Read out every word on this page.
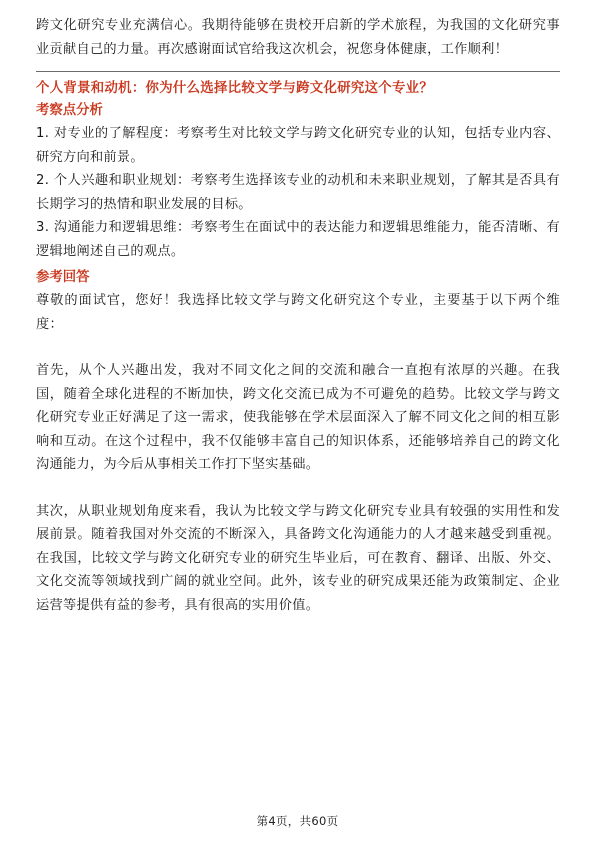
跨文化研究专业充满信心。我期待能够在贵校开启新的学术旅程，为我国的文化研究事业贡献自己的力量。再次感谢面试官给我这次机会，祝您身体健康，工作顺利！

个人背景和动机：你为什么选择比较文学与跨文化研究这个专业？

考察点分析

1. 对专业的了解程度：考察考生对比较文学与跨文化研究专业的认知，包括专业内容、研究方向和前景。

2. 个人兴趣和职业规划：考察考生选择该专业的动机和未来职业规划，了解其是否具有长期学习的热情和职业发展的目标。

3. 沟通能力和逻辑思维：考察考生在面试中的表达能力和逻辑思维能力，能否清晰、有逻辑地阐述自己的观点。

参考回答

尊敬的面试官，您好！我选择比较文学与跨文化研究这个专业，主要基于以下两个维度：

首先，从个人兴趣出发，我对不同文化之间的交流和融合一直抱有浓厚的兴趣。在我国，随着全球化进程的不断加快，跨文化交流已成为不可避免的趋势。比较文学与跨文化研究专业正好满足了这一需求，使我能够在学术层面深入了解不同文化之间的相互影响和互动。在这个过程中，我不仅能够丰富自己的知识体系，还能够培养自己的跨文化沟通能力，为今后从事相关工作打下坚实基础。

其次，从职业规划角度来看，我认为比较文学与跨文化研究专业具有较强的实用性和发展前景。随着我国对外交流的不断深入，具备跨文化沟通能力的人才越来越受到重视。在我国，比较文学与跨文化研究专业的研究生毕业后，可在教育、翻译、出版、外交、文化交流等领域找到广阔的就业空间。此外，该专业的研究成果还能为政策制定、企业运营等提供有益的参考，具有很高的实用价值。

第4页，共60页
